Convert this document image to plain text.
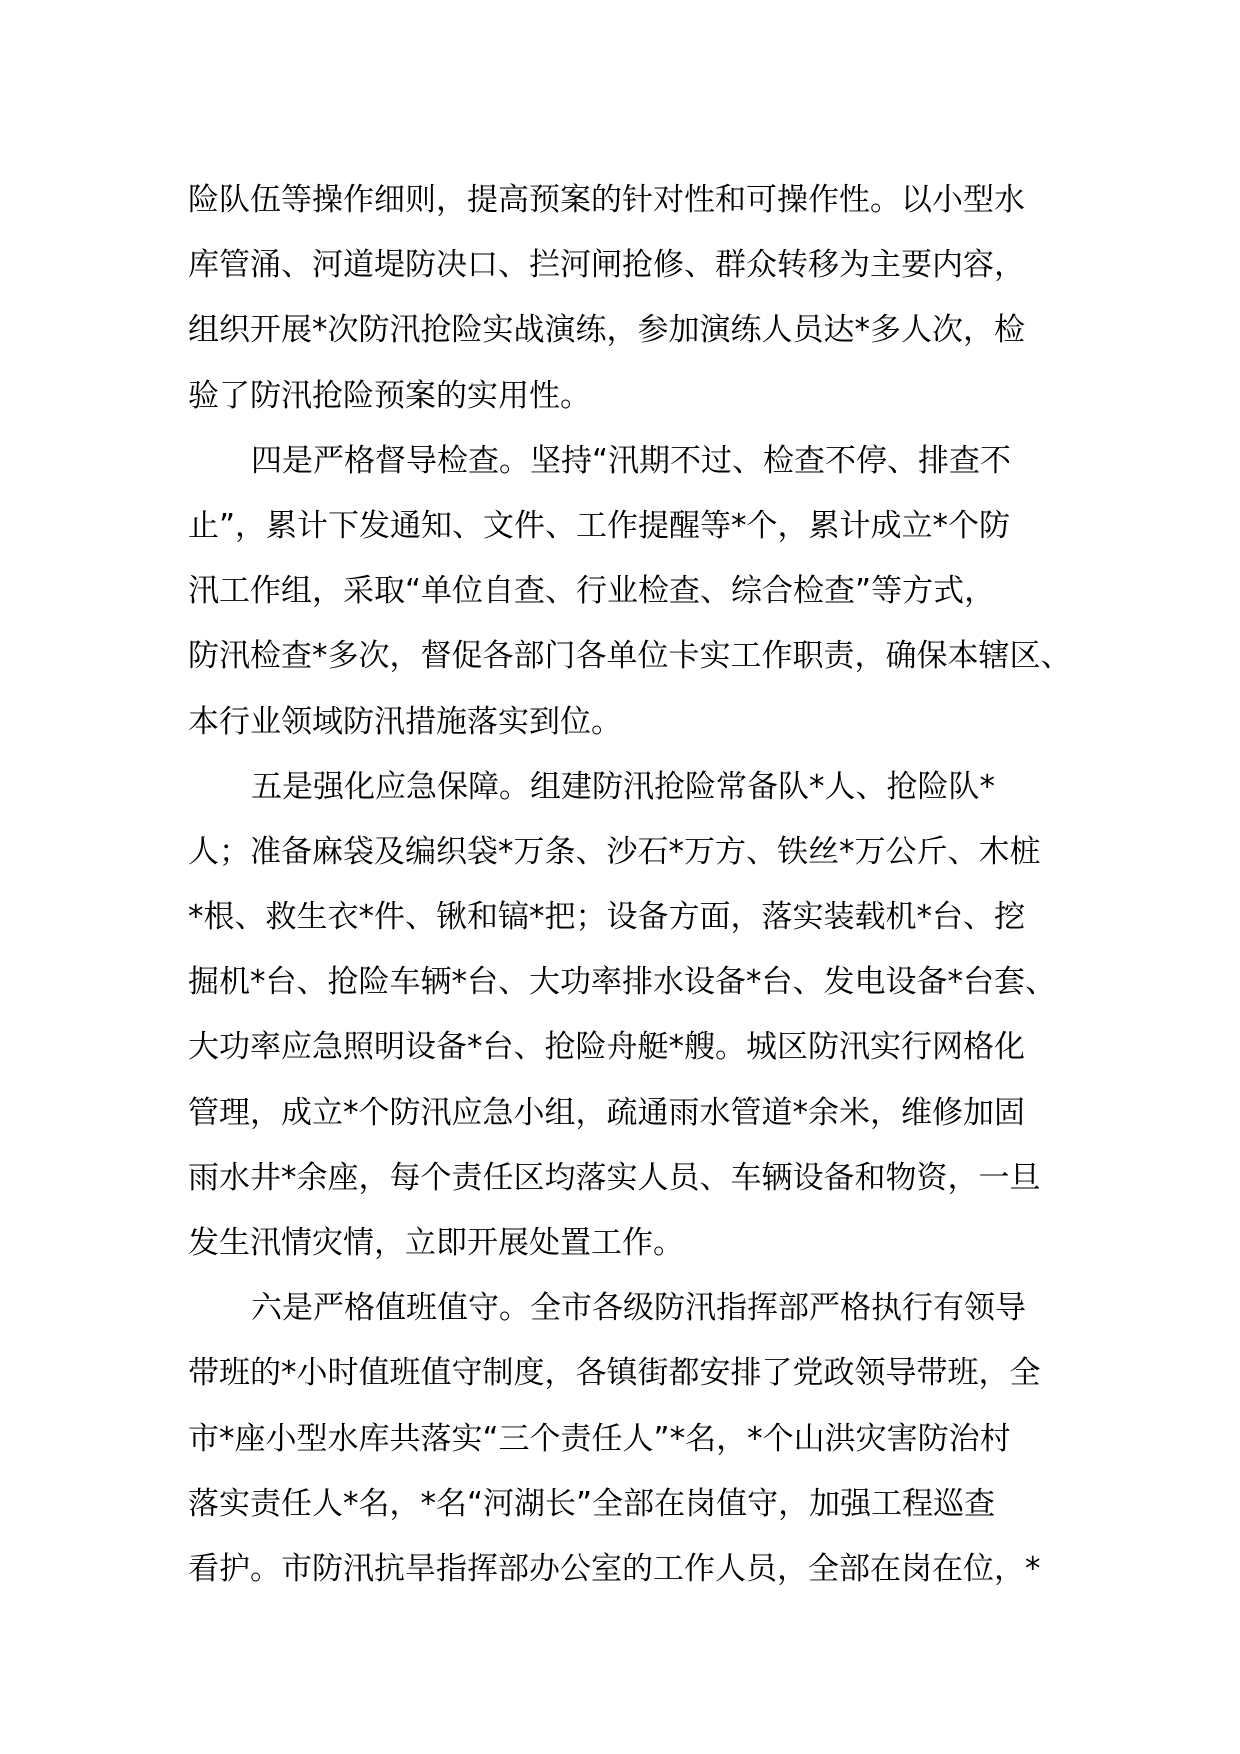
险队伍等操作细则，提高预案的针对性和可操作性。以小型水
库管涌、河道堤防决口、拦河闸抢修、群众转移为主要内容，
组织开展*次防汛抢险实战演练，参加演练人员达*多人次，检
验了防汛抢险预案的实用性。
四是严格督导检查。坚持“汛期不过、检查不停、排查不
止”，累计下发通知、文件、工作提醒等*个，累计成立*个防
汛工作组，采取“单位自查、行业检查、综合检查”等方式，
防汛检查*多次，督促各部门各单位卡实工作职责，确保本辖区、
本行业领域防汛措施落实到位。
五是强化应急保障。组建防汛抢险常备队*人、抢险队*
人；准备麻袋及编织袋*万条、沙石*万方、铁丝*万公斤、木桩
*根、救生衣*件、锹和镐*把；设备方面，落实装载机*台、挖
掘机*台、抢险车辆*台、大功率排水设备*台、发电设备*台套、
大功率应急照明设备*台、抢险舟艇*艘。城区防汛实行网格化
管理，成立*个防汛应急小组，疏通雨水管道*余米，维修加固
雨水井*余座，每个责任区均落实人员、车辆设备和物资，一旦
发生汛情灾情，立即开展处置工作。
六是严格值班值守。全市各级防汛指挥部严格执行有领导
带班的*小时值班值守制度，各镇街都安排了党政领导带班，全
市*座小型水库共落实“三个责任人”*名，*个山洪灾害防治村
落实责任人*名，*名“河湖长”全部在岗值守，加强工程巡查
看护。市防汛抗旱指挥部办公室的工作人员，全部在岗在位，*
